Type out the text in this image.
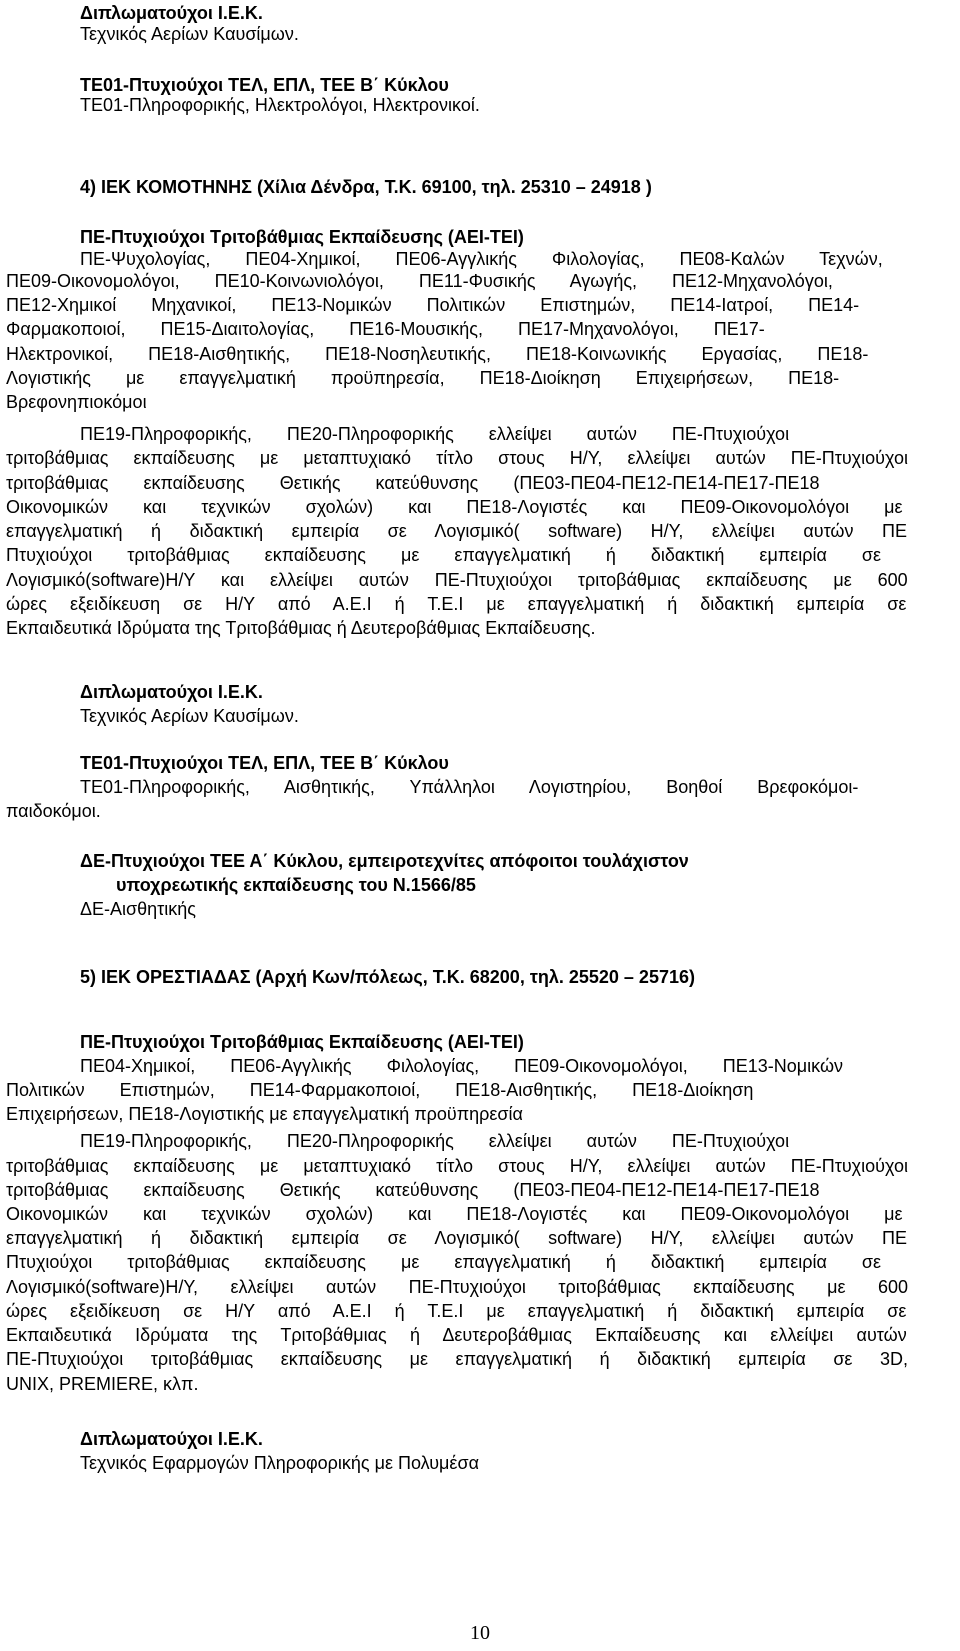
10
Διπλωματούχοι Ι.Ε.Κ.
Τεχνικός Αερίων Καυσίμων.
ΤΕ01-Πτυχιούχοι ΤΕΛ, ΕΠΛ, ΤΕΕ Β΄ Κύκλου
ΤΕ01-Πληροφορικής, Ηλεκτρολόγοι, Ηλεκτρονικοί.
4) ΙΕΚ ΚΟΜΟΤΗΝΗΣ (Χίλια Δένδρα, Τ.Κ. 69100, τηλ. 25310 – 24918 )
ΠΕ-Πτυχιούχοι Τριτοβάθμιας Εκπαίδευσης (ΑΕΙ-ΤΕΙ)
ΠΕ-Ψυχολογίας, ΠΕ04-Χημικοί, ΠΕ06-Αγγλικής Φιλολογίας, ΠΕ08-Καλών Τεχνών,
ΠΕ09-Οικονομολόγοι, ΠΕ10-Κοινωνιολόγοι, ΠΕ11-Φυσικής Αγωγής, ΠΕ12-Μηχανολόγοι,
ΠΕ12-Χημικοί Μηχανικοί, ΠΕ13-Νομικών Πολιτικών Επιστημών, ΠΕ14-Ιατροί, ΠΕ14-
Φαρμακοποιοί, ΠΕ15-Διαιτολογίας, ΠΕ16-Μουσικής, ΠΕ17-Μηχανολόγοι, ΠΕ17-
Ηλεκτρονικοί, ΠΕ18-Αισθητικής, ΠΕ18-Νοσηλευτικής, ΠΕ18-Κοινωνικής Εργασίας, ΠΕ18-
Λογιστικής με επαγγελματική προϋπηρεσία, ΠΕ18-Διοίκηση Επιχειρήσεων, ΠΕ18-
Βρεφονηπιοκόμοι
ΠΕ19-Πληροφορικής, ΠΕ20-Πληροφορικής ελλείψει αυτών ΠΕ-Πτυχιούχοι
τριτοβάθμιας εκπαίδευσης με μεταπτυχιακό τίτλο στους Η/Υ, ελλείψει αυτών ΠΕ-Πτυχιούχοι
τριτοβάθμιας εκπαίδευσης Θετικής κατεύθυνσης (ΠΕ03-ΠΕ04-ΠΕ12-ΠΕ14-ΠΕ17-ΠΕ18
Οικονομικών και τεχνικών σχολών) και ΠΕ18-Λογιστές και ΠΕ09-Οικονομολόγοι με
επαγγελματική ή διδακτική εμπειρία σε Λογισμικό( software) Η/Υ, ελλείψει αυτών ΠΕ
Πτυχιούχοι τριτοβάθμιας εκπαίδευσης με επαγγελματική ή διδακτική εμπειρία σε
Λογισμικό(software)Η/Υ και ελλείψει αυτών ΠΕ-Πτυχιούχοι τριτοβάθμιας εκπαίδευσης με 600
ώρες εξειδίκευση σε Η/Υ από Α.Ε.Ι ή Τ.Ε.Ι με επαγγελματική ή διδακτική εμπειρία σε
Εκπαιδευτικά Ιδρύματα της Τριτοβάθμιας ή Δευτεροβάθμιας Εκπαίδευσης.
Διπλωματούχοι Ι.Ε.Κ.
Τεχνικός Αερίων Καυσίμων.
ΤΕ01-Πτυχιούχοι ΤΕΛ, ΕΠΛ, ΤΕΕ Β΄ Κύκλου
ΤΕ01-Πληροφορικής, Αισθητικής, Υπάλληλοι Λογιστηρίου, Βοηθοί Βρεφοκόμοι-
παιδοκόμοι.
ΔΕ-Πτυχιούχοι ΤΕΕ Α΄ Κύκλου, εμπειροτεχνίτες απόφοιτοι τουλάχιστον
υποχρεωτικής εκπαίδευσης του Ν.1566/85
ΔΕ-Αισθητικής
5) ΙΕΚ ΟΡΕΣΤΙΑΔΑΣ (Αρχή Κων/πόλεως, Τ.Κ. 68200, τηλ. 25520 – 25716)
ΠΕ-Πτυχιούχοι Τριτοβάθμιας Εκπαίδευσης (ΑΕΙ-ΤΕΙ)
ΠΕ04-Χημικοί, ΠΕ06-Αγγλικής Φιλολογίας, ΠΕ09-Οικονομολόγοι, ΠΕ13-Νομικών
Πολιτικών Επιστημών, ΠΕ14-Φαρμακοποιοί, ΠΕ18-Αισθητικής, ΠΕ18-Διοίκηση
Επιχειρήσεων, ΠΕ18-Λογιστικής με επαγγελματική προϋπηρεσία
ΠΕ19-Πληροφορικής, ΠΕ20-Πληροφορικής ελλείψει αυτών ΠΕ-Πτυχιούχοι
τριτοβάθμιας εκπαίδευσης με μεταπτυχιακό τίτλο στους Η/Υ, ελλείψει αυτών ΠΕ-Πτυχιούχοι
τριτοβάθμιας εκπαίδευσης Θετικής κατεύθυνσης (ΠΕ03-ΠΕ04-ΠΕ12-ΠΕ14-ΠΕ17-ΠΕ18
Οικονομικών και τεχνικών σχολών) και ΠΕ18-Λογιστές και ΠΕ09-Οικονομολόγοι με
επαγγελματική ή διδακτική εμπειρία σε Λογισμικό( software) Η/Υ, ελλείψει αυτών ΠΕ
Πτυχιούχοι τριτοβάθμιας εκπαίδευσης με επαγγελματική ή διδακτική εμπειρία σε
Λογισμικό(software)Η/Υ, ελλείψει αυτών ΠΕ-Πτυχιούχοι τριτοβάθμιας εκπαίδευσης με 600
ώρες εξειδίκευση σε Η/Υ από Α.Ε.Ι ή Τ.Ε.Ι με επαγγελματική ή διδακτική εμπειρία σε
Εκπαιδευτικά Ιδρύματα της Τριτοβάθμιας ή Δευτεροβάθμιας Εκπαίδευσης και ελλείψει αυτών
ΠΕ-Πτυχιούχοι τριτοβάθμιας εκπαίδευσης με επαγγελματική ή διδακτική εμπειρία σε 3D,
UNIX, PREMIERE, κλπ.
Διπλωματούχοι Ι.Ε.Κ.
Τεχνικός Εφαρμογών Πληροφορικής με Πολυμέσα
